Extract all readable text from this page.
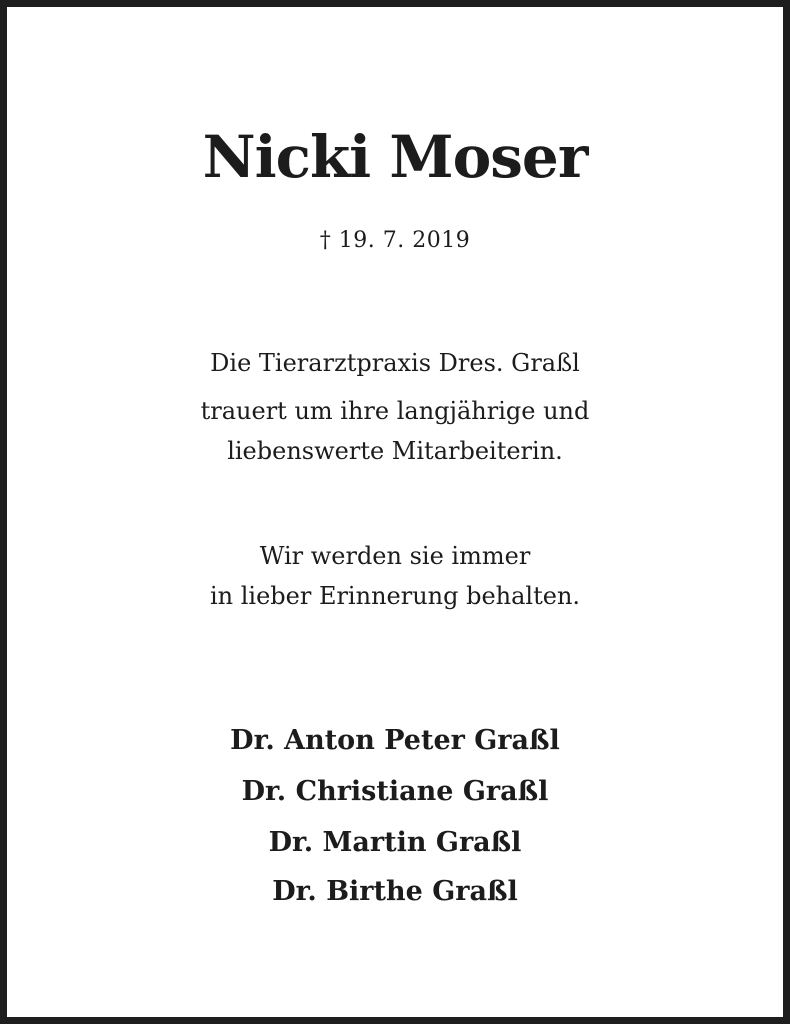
Nicki Moser
† 19. 7. 2019
Die Tierarztpraxis Dres. Graßl
trauert um ihre langjährige und
liebenswerte Mitarbeiterin.
Wir werden sie immer
in lieber Erinnerung behalten.
Dr. Anton Peter Graßl
Dr. Christiane Graßl
Dr. Martin Graßl
Dr. Birthe Graßl
